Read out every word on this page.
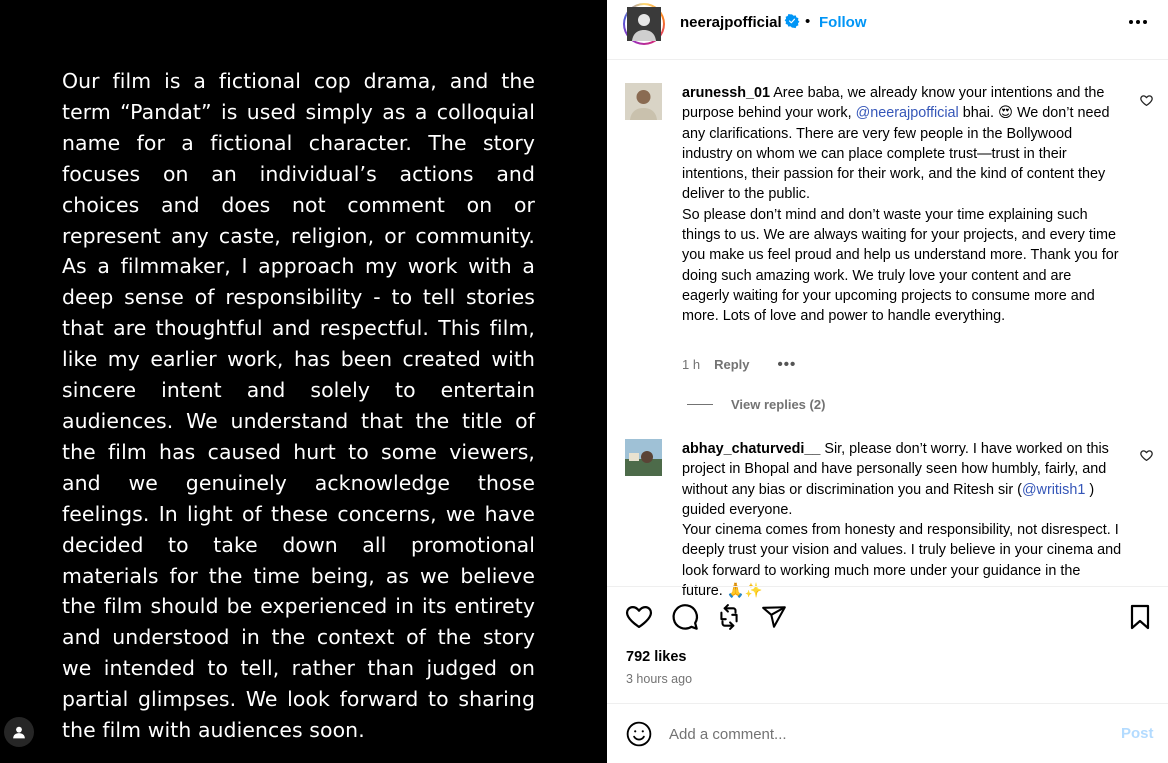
Our film is a fictional cop drama, and the term “Pandat” is used simply as a colloquial name for a fictional character. The story focuses on an individual’s actions and choices and does not comment on or represent any caste, religion, or community. As a filmmaker, I approach my work with a deep sense of responsibility - to tell stories that are thoughtful and respectful. This film, like my earlier work, has been created with sincere intent and solely to entertain audiences. We understand that the title of the film has caused hurt to some viewers, and we genuinely acknowledge those feelings. In light of these concerns, we have decided to take down all promotional materials for the time being, as we believe the film should be experienced in its entirety and understood in the context of the story we intended to tell, rather than judged on partial glimpses. We look forward to sharing the film with audiences soon.

neerajpofficial • Follow
arunessh_01 Aree baba, we already know your intentions and the purpose behind your work, @neerajpofficial bhai. 😍 We don’t need any clarifications. There are very few people in the Bollywood industry on whom we can place complete trust—trust in their intentions, their passion for their work, and the kind of content they deliver to the public.
So please don’t mind and don’t waste your time explaining such things to us. We are always waiting for your projects, and every time you make us feel proud and help us understand more. Thank you for doing such amazing work. We truly love your content and are eagerly waiting for your upcoming projects to consume more and more. Lots of love and power to handle everything.
1 h Reply •••
View replies (2)
abhay_chaturvedi__ Sir, please don’t worry. I have worked on this project in Bhopal and have personally seen how humbly, fairly, and without any bias or discrimination you and Ritesh sir (@writish1 ) guided everyone.
Your cinema comes from honesty and responsibility, not disrespect. I deeply trust your vision and values. I truly believe in your cinema and look forward to working much more under your guidance in the future. 🙏✨
792 likes
3 hours ago
Add a comment...
Post
